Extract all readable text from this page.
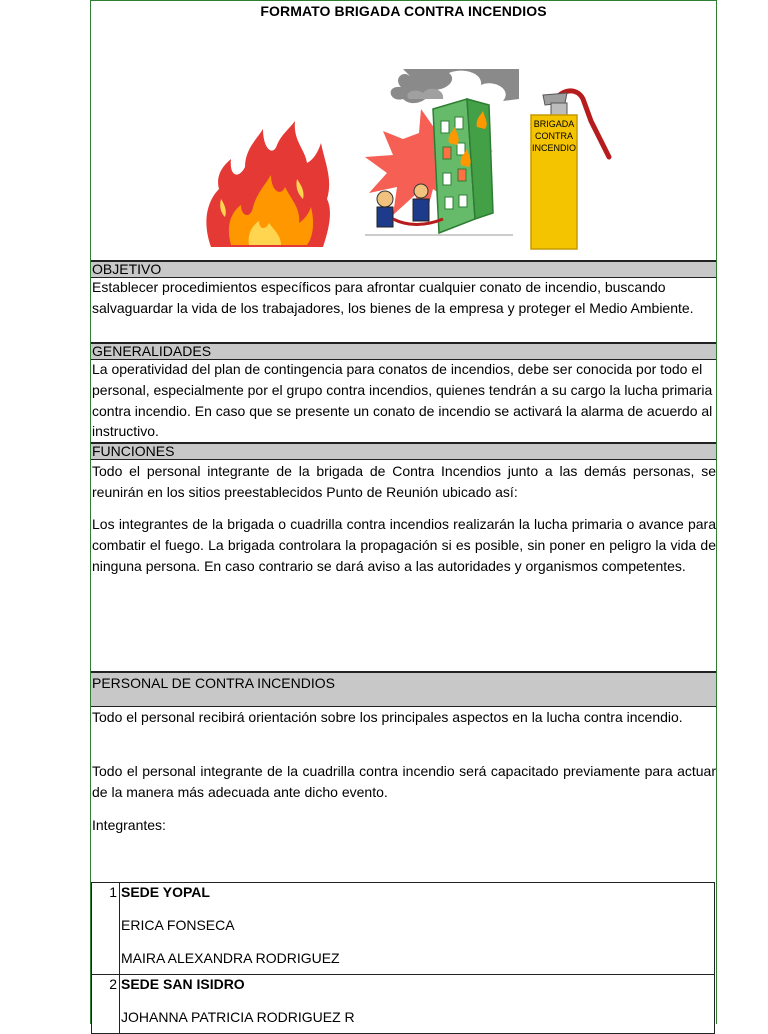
FORMATO BRIGADA CONTRA INCENDIOS
BRIGADA
CONTRA
INCENDIO
OBJETIVO
Establecer procedimientos específicos para afrontar cualquier conato de incendio, buscando salvaguardar la vida de los trabajadores, los bienes de la empresa y proteger el Medio Ambiente.
GENERALIDADES
La operatividad del plan de contingencia para conatos de incendios, debe ser conocida por todo el personal, especialmente por el grupo contra incendios, quienes tendrán a su cargo la lucha primaria contra incendio. En caso que se presente un conato de incendio se activará la alarma de acuerdo al instructivo.
FUNCIONES
Todo el personal integrante de la brigada de Contra Incendios junto a las demás personas, se reunirán en los sitios preestablecidos Punto de Reunión ubicado así:
Los integrantes de la brigada o cuadrilla contra incendios realizarán la lucha primaria o avance para combatir el fuego. La brigada controlara la propagación si es posible, sin poner en peligro la vida de ninguna persona. En caso contrario se dará aviso a las autoridades y organismos competentes.
PERSONAL DE CONTRA INCENDIOS
Todo el personal recibirá orientación sobre los principales aspectos en la lucha contra incendio.
Todo el personal integrante de la cuadrilla contra incendio será capacitado previamente para actuar de la manera más adecuada ante dicho evento.
Integrantes:
1 SEDE YOPAL
ERICA FONSECA
MAIRA ALEXANDRA RODRIGUEZ
2 SEDE SAN ISIDRO
JOHANNA PATRICIA RODRIGUEZ R
